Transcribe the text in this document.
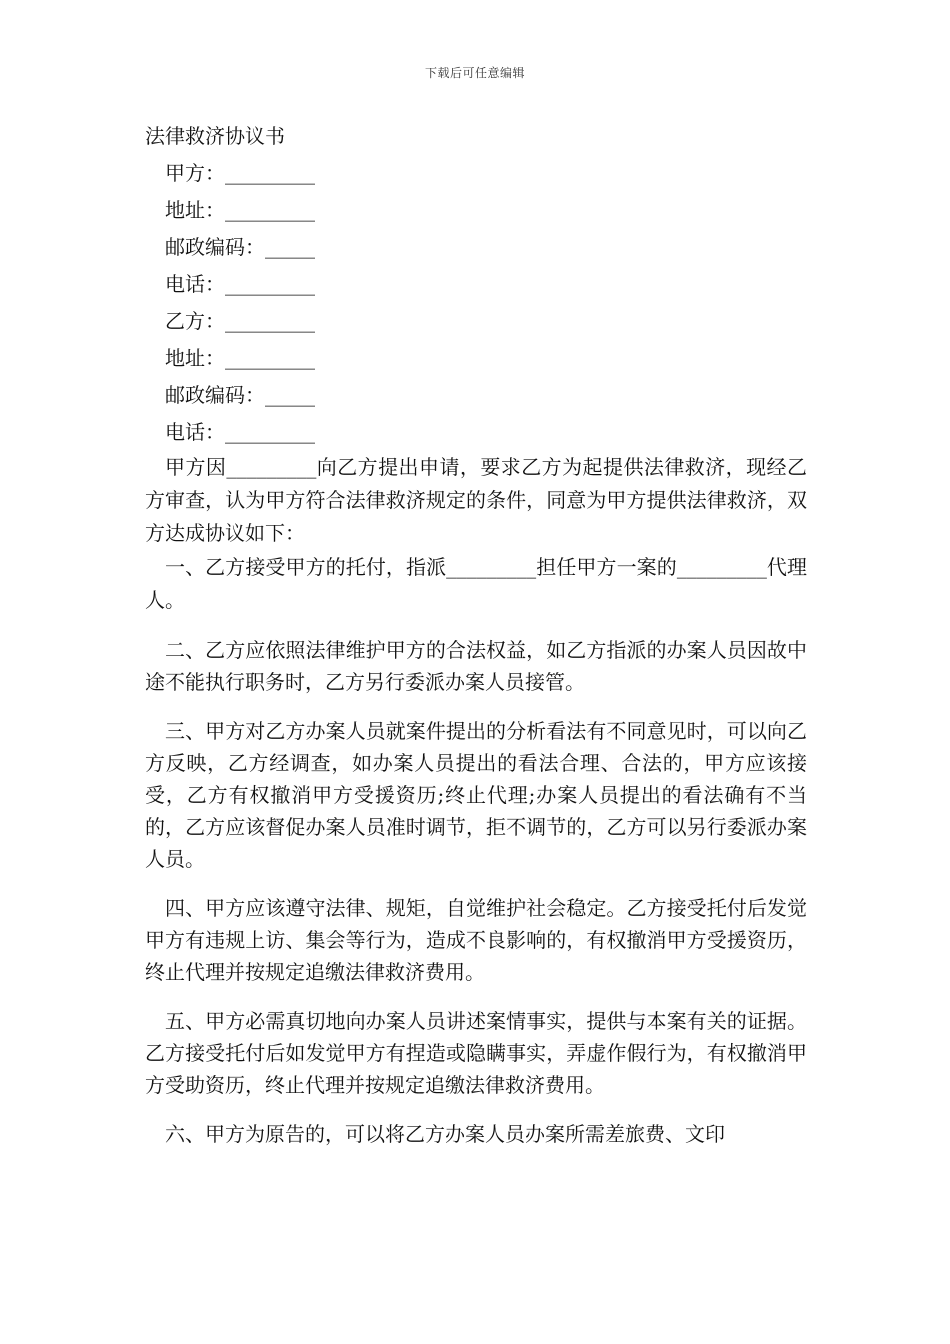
下载后可任意编辑
法律救济协议书
甲方：_________
地址：_________
邮政编码：_____
电话：_________
乙方：_________
地址：_________
邮政编码：_____
电话：_________

甲方因_________向乙方提出申请，要求乙方为起提供法律救济，现经乙方审查，认为甲方符合法律救济规定的条件，同意为甲方提供法律救济，双方达成协议如下：

一、乙方接受甲方的托付，指派_________担任甲方一案的_________代理人。

二、乙方应依照法律维护甲方的合法权益，如乙方指派的办案人员因故中途不能执行职务时，乙方另行委派办案人员接管。

三、甲方对乙方办案人员就案件提出的分析看法有不同意见时，可以向乙方反映，乙方经调查，如办案人员提出的看法合理、合法的，甲方应该接受，乙方有权撤消甲方受援资历;终止代理;办案人员提出的看法确有不当的，乙方应该督促办案人员准时调节，拒不调节的，乙方可以另行委派办案人员。

四、甲方应该遵守法律、规矩，自觉维护社会稳定。乙方接受托付后发觉甲方有违规上访、集会等行为，造成不良影响的，有权撤消甲方受援资历，终止代理并按规定追缴法律救济费用。

五、甲方必需真切地向办案人员讲述案情事实，提供与本案有关的证据。乙方接受托付后如发觉甲方有捏造或隐瞒事实，弄虚作假行为，有权撤消甲方受助资历，终止代理并按规定追缴法律救济费用。

六、甲方为原告的，可以将乙方办案人员办案所需差旅费、文印
